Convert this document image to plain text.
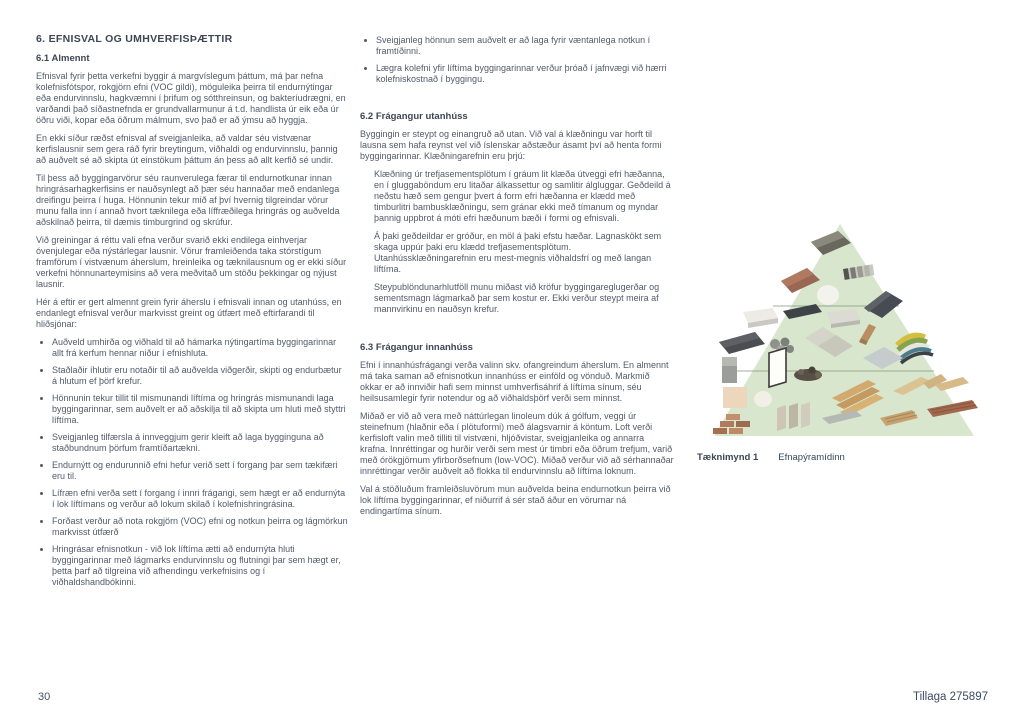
6. EFNISVAL OG UMHVERFISÞÆTTIR
6.1 Almennt

Efnisval fyrir þetta verkefni byggir á margvíslegum þáttum, má þar nefna kolefnisfótspor, rokgjörn efni (VOC gildi), möguleika þeirra til endurnýtingar eða endurvinnslu, hagkvæmni í þrifum og sótthreinsun, og bakteríudrægni, en varðandi það síðastnefnda er grundvallarmunur á t.d. handlista úr eik eða úr öðru viði, kopar eða öðrum málmum, svo það er að ýmsu að hyggja.

En ekki síður ræðst efnisval af sveigjanleika, að valdar séu vistvænar kerfislausnir sem gera ráð fyrir breytingum, viðhaldi og endurvinnslu, þannig að auðvelt sé að skipta út einstökum þáttum án þess að allt kerfið sé undir.

Til þess að byggingarvörur séu raunverulega færar til endurnotkunar innan hringrásarhagkerfisins er nauðsynlegt að þær séu hannaðar með endanlega dreifingu þeirra í huga. Hönnunin tekur mið af því hvernig tilgreindar vörur munu falla inn í annað hvort tæknilega eða líffræðilega hringrás og auðvelda aðskilnað þeirra, til dæmis timburgrind og skrúfur.

Við greiningar á réttu vali efna verður svarið ekki endilega einhverjar óvenjulegar eða nýstárlegar lausnir. Vörur framleiðenda taka stórstígum framförum í vistvænum áherslum, hreinleika og tæknilausnum og er ekki síður verkefni hönnunarteymisins að vera meðvitað um stöðu þekkingar og nýjust lausnir.

Hér á eftir er gert almennt grein fyrir áherslu í efnisvali innan og utanhúss, en endanlegt efnisval verður markvisst greint og útfært með eftirfarandi til hliðsjónar:

Auðveld umhirða og viðhald til að hámarka nýtingartíma byggingarinnar allt frá kerfum hennar niður í efnishluta.
Staðlaðir íhlutir eru notaðir til að auðvelda viðgerðir, skipti og endurbætur á hlutum ef þörf krefur.
Hönnunin tekur tillit til mismunandi líftíma og hringrás mismunandi laga byggingarinnar, sem auðvelt er að aðskilja til að skipta um hluti með styttri líftíma.
Sveigjanleg tilfærsla á innveggjum gerir kleift að laga bygginguna að staðbundnum þörfum framtíðartækni.
Endurnýtt og endurunnið efni hefur verið sett í forgang þar sem tækifæri eru til.
Lífræn efni verða sett í forgang í innri frágangi, sem hægt er að endurnýta í lok líftímans og verður að lokum skilað í kolefnishringrásina.
Forðast verður að nota rokgjörn (VOC) efni og notkun þeirra og lágmörkun markvisst útfærð
Hringrásar efnisnotkun - við lok líftíma ætti að endurnýta hluti byggingarinnar með lágmarks endurvinnslu og flutningi þar sem hægt er, þetta þarf að tilgreina við afhendingu verkefnisins og í viðhaldshandbókinni.
Sveigjanleg hönnun sem auðvelt er að laga fyrir væntanlega notkun í framtíðinni.
Lægra kolefni yfir líftíma byggingarinnar verður þróað í jafnvægi við hærri kolefniskostnað í byggingu.
6.2 Frágangur utanhúss

Byggingin er steypt og einangruð að utan. Við val á klæðningu var horft til lausna sem hafa reynst vel við íslenskar aðstæður ásamt því að henta formi byggingarinnar. Klæðningarefnin eru þrjú:

Klæðning úr trefjasementsplötum í gráum lit klæða útveggi efri hæðanna, en í gluggaböndum eru litaðar álkassettur og samlitir álgluggar. Geðdeild á neðstu hæð sem gengur þvert á form efri hæðanna er klædd með timburlitri bambusklæðningu, sem gránar ekki með tímanum og myndar þannig uppbrot á móti efri hæðunum bæði í formi og efnisvali.

Á þaki geðdeildar er gróður, en möl á þaki efstu hæðar. Lagnaskökt sem skaga uppúr þaki eru klædd trefjasementsplötum. Utanhússklæðningarefnin eru mest-megnis viðhaldsfrí og með langan líftíma.

Steypublöndunarhlutföll munu miðast við kröfur byggingareglugerðar og sementsmagn lágmarkað þar sem kostur er. Ekki verður steypt meira af mannvirkinu en nauðsyn krefur.

6.3 Frágangur innanhúss

Efni í innanhúsfrágangi verða valinn skv. ofangreindum áherslum. En almennt má taka saman að efnisnotkun innanhúss er einföld og vönduð. Markmið okkar er að innviðir hafi sem minnst umhverfisáhrif á líftíma sínum, séu heilsusamlegir fyrir notendur og að viðhaldsþörf verði sem minnst.

Miðað er við að vera með náttúrlegan linoleum dúk á gólfum, veggi úr steinefnum (hlaðnir eða í plötuformi) með álagsvarnir á köntum. Loft verði kerfisloft valin með tilliti til vistvæni, hljóðvistar, sveigjanleika og annarra krafna. Innréttingar og hurðir verði sem mest úr timbri eða öðrum trefjum, varið með órökgjörnum yfirborðsefnum (low-VOC). Miðað verður við að sérhannaðar innréttingar verðir auðvelt að flokka til endurvinnslu að líftíma loknum.

Val á stöðluðum framleiðsluvörum mun auðvelda beina endurnotkun þeirra við lok líftíma byggingarinnar, ef niðurrif á sér stað áður en vörurnar ná endingartíma sínum.

Tæknimynd 1 Efnapýramídinn
30	Tillaga 275897
